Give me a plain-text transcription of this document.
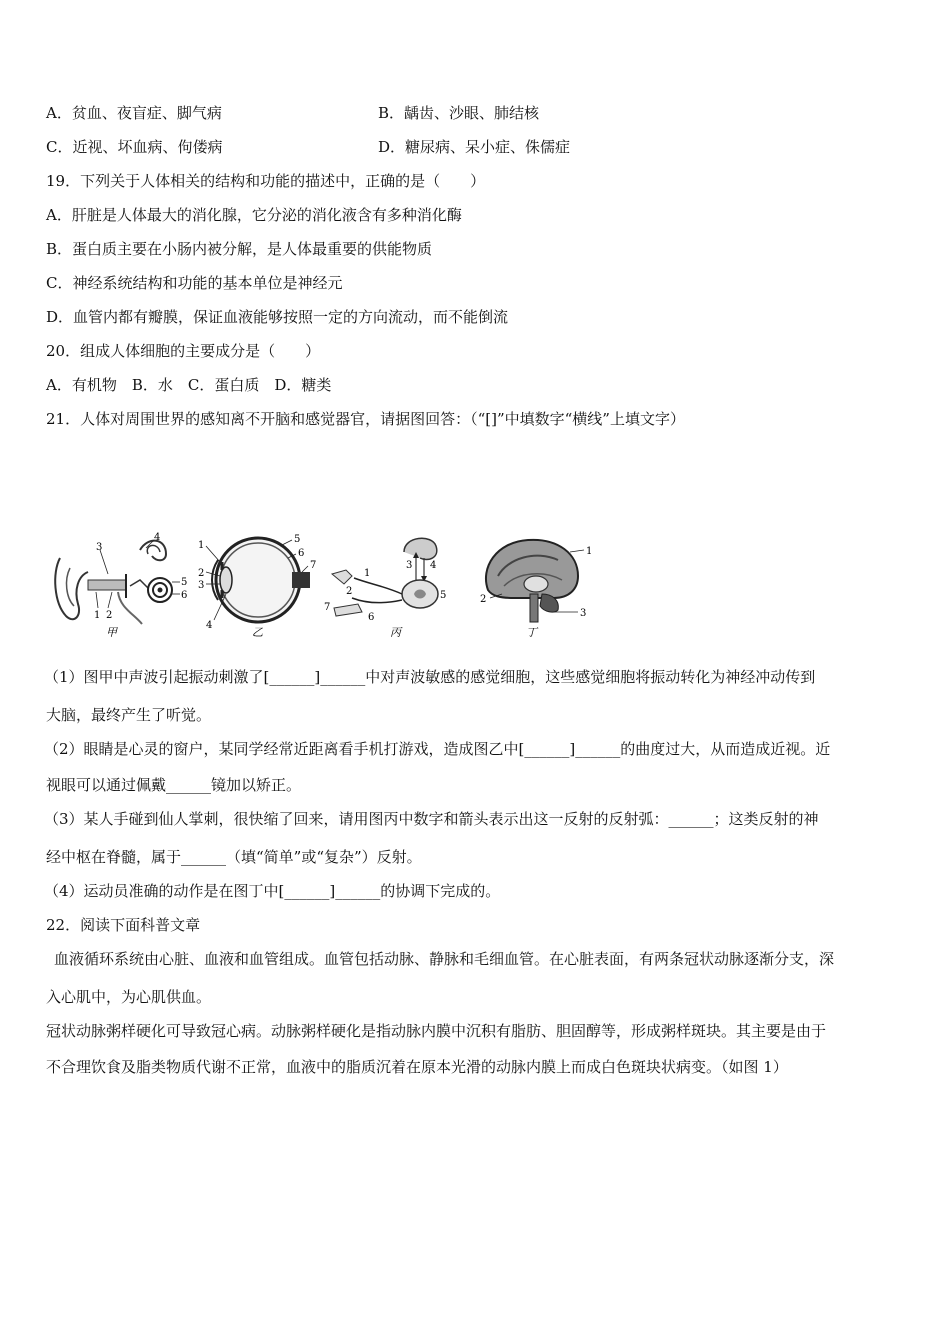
A．贫血、夜盲症、脚气病	B．龋齿、沙眼、肺结核
C．近视、坏血病、佝偻病	D．糖尿病、呆小症、侏儒症
19．下列关于人体相关的结构和功能的描述中，正确的是（　　）
A．肝脏是人体最大的消化腺，它分泌的消化液含有多种消化酶
B．蛋白质主要在小肠内被分解，是人体最重要的供能物质
C．神经系统结构和功能的基本单位是神经元
D．血管内都有瓣膜，保证血液能够按照一定的方向流动，而不能倒流
20．组成人体细胞的主要成分是（　　）
A．有机物　B．水　C．蛋白质　D．糖类
21．人体对周围世界的感知离不开脑和感觉器官，请据图回答：（“[]”中填数字“横线”上填文字）
1 2
3
4
5
6
甲
1
2
3
4
5
6
7
乙
1
2
3 4
5
6
7
丙
1
2
3
丁
（1）图甲中声波引起振动刺激了[______]______中对声波敏感的感觉细胞，这些感觉细胞将振动转化为神经冲动传到
大脑，最终产生了听觉。
（2）眼睛是心灵的窗户，某同学经常近距离看手机打游戏，造成图乙中[______]______的曲度过大，从而造成近视。近
视眼可以通过佩戴______镜加以矫正。
（3）某人手碰到仙人掌刺，很快缩了回来，请用图丙中数字和箭头表示出这一反射的反射弧：______；这类反射的神
经中枢在脊髓，属于______（填“简单”或“复杂”）反射。
（4）运动员准确的动作是在图丁中[______]______的协调下完成的。
22．阅读下面科普文章
血液循环系统由心脏、血液和血管组成。血管包括动脉、静脉和毛细血管。在心脏表面，有两条冠状动脉逐渐分支，深
入心肌中，为心肌供血。
冠状动脉粥样硬化可导致冠心病。动脉粥样硬化是指动脉内膜中沉积有脂肪、胆固醇等，形成粥样斑块。其主要是由于
不合理饮食及脂类物质代谢不正常，血液中的脂质沉着在原本光滑的动脉内膜上而成白色斑块状病变。（如图 1）
